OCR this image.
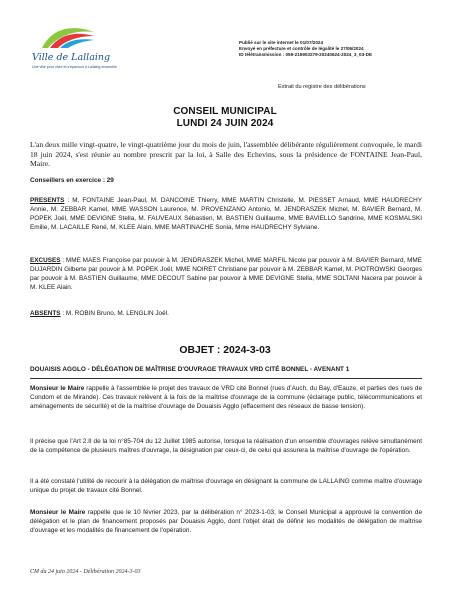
Ville de Lallaing
Une ville pour vivre et s'épanouir à Lallaing ensemble
Publié sur le site internet le 01/07/2024
Envoyé en préfecture et contrôle de légalité le 27/06/2024
ID télétransmission : 059-215903279-20240624-2024_3_03-DE
Extrait du registre des délibérations
CONSEIL MUNICIPAL
LUNDI 24 JUIN 2024
L'an deux mille vingt-quatre, le vingt-quatrième jour du mois de juin, l'assemblée délibérante régulièrement convoquée, le mardi 18 juin 2024, s'est réunie au nombre prescrit par la loi, à Salle des Echevins, sous la présidence de FONTAINE Jean-Paul, Maire.
Conseillers en exercice : 29
PRESENTS : M. FONTAINE Jean-Paul, M. DANCOINE Thierry, MME MARTIN Christelle, M. PIESSET Arnaud, MME HAUDRECHY Annie, M. ZEBBAR Kamel, MME WASSON Laurence, M. PROVENZANO Antonio, M. JENDRASZEK Michel, M. BAVIER Bernard, M. POPEK Joël, MME DEVIGNE Stella, M. FAUVEAUX Sébastien, M. BASTIEN Guillaume, MME BAVIELLO Sandrine, MME KOSMALSKI Emilie, M. LACAILLE René, M. KLEE Alain, MME MARTINACHE Sonia, Mme HAUDRECHY Sylviane.
EXCUSES : MME MAES Françoise par pouvoir à M. JENDRASZEK Michel, MME MARFIL Nicole par pouvoir à M. BAVIER Bernard, MME DUJARDIN Gilberte par pouvoir à M. POPEK Joël, MME NOIRET Christiane par pouvoir à M. ZEBBAR Kamel, M. PIOTROWSKI Georges par pouvoir à M. BASTIEN Guillaume, MME DECOUT Sabine par pouvoir à MME DEVIGNE Stella, MME SOLTANI Nacera par pouvoir à M. KLEE Alain.
ABSENTS : M. ROBIN Bruno, M. LENGLIN Joël.
OBJET : 2024-3-03
DOUAISIS AGGLO - DÉLÉGATION DE MAÎTRISE D'OUVRAGE TRAVAUX VRD CITÉ BONNEL - AVENANT 1
Monsieur le Maire rappelle à l'assemblée le projet des travaux de VRD cité Bonnel (rues d'Auch, du Bay, d'Eauze, et parties des rues de Condom et de Mirande). Ces travaux relèvent à la fois de la maîtrise d'ouvrage de la commune (éclairage public, télécommunications et aménagements de sécurité) et de la maîtrise d'ouvrage de Douaisis Agglo (effacement des réseaux de basse tension).
Il précise que l'Art 2.II de la loi n°85-704 du 12 Juillet 1985 autorise, lorsque la réalisation d'un ensemble d'ouvrages relève simultanément de la compétence de plusieurs maîtres d'ouvrage, la désignation par ceux-ci, de celui qui assurera la maîtrise d'ouvrage de l'opération.
Il a été constaté l'utilité de recourir à la délégation de maîtrise d'ouvrage en désignant la commune de LALLAING comme maître d'ouvrage unique du projet de travaux cité Bonnel.
Monsieur le Maire rappelle que le 10 février 2023, par la délibération n° 2023-1-03, le Conseil Municipal a approuvé la convention de délégation et le plan de financement proposés par Douaisis Agglo, dont l'objet était de définir les modalités de délégation de maîtrise d'ouvrage et les modalités de financement de l'opération.
CM du 24 juin 2024 - Délibération 2024-3-03
